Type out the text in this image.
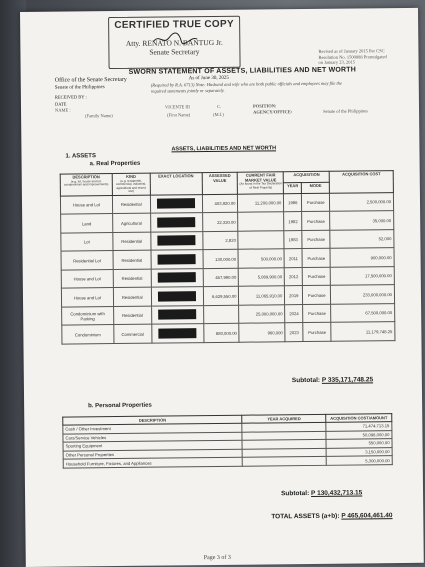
CERTIFIED TRUE COPY
Atty. RENATO N. BANTUG Jr.
Senate Secretary	Revised as of January 2015 Per CSC Resolution No. 1500088 Promulgated on January 23, 2015
SWORN STATEMENT OF ASSETS, LIABILITIES AND NET WORTH
As of June 30, 2025
(Required by R.A. 6713) Note: Husband and wife who are both public officials and employees may file the required statements jointly or separately.
Office of the Senate Secretary
Senate of the Philippines
RECEIVED BY :
DATE
NAME :
(Family Name)
VICENTE III
(First Name)
C.
(M.I.)
POSITION:
AGENCY/OFFICE:	Senate of the Philippines
ASSETS, LIABILITIES AND NET WORTH
1. ASSETS
a. Real Properties
DESCRIPTION
(e.g. lot, house and lot, condominium and improvements)	KIND
(e.g. residential, commercial, industrial, agricultural and mixed use)	EXACT LOCATION	ASSESSED VALUE	CURRENT FAIR MARKET VALUE
(As found in the Tax Declaration of Real Property)	ACQUISITION		ACQUISITION COST
					YEAR	MODE	
House and Lot	Residential		403,920.00	11,200,000.00	1986	Purchase	2,500,000.00
Land	Agricultural		22,320.00		1982	Purchase	35,000.00
Lot	Residential		2,820		1983	Purchase	52,000
Residential Lot	Residential		130,000.00	500,000.00	2011	Purchase	900,000.00
House and Lot	Residential		457,990.00	5,089,900.00	2012	Purchase	17,500,000.00
House and Lot	Residential		6,629,550.00	11,065,910.00	2019	Purchase	233,000,000.00
Condominium with Parking	Residential			25,000,000.00	2024	Purchase	67,500,000.00
Condominium	Commercial		880,000.00	960,000	2023	Purchase	11,179,748.25
Subtotal: P 335,171,748.25
b. Personal Properties
DESCRIPTION	YEAR ACQUIRED	ACQUISITION COST/AMOUNT
Cash / Other Investment		71,474,713.15
Cars/Service Vehicles		50,098,000.00
Sporting Equipment		550,000.00
Other Personal Properties		3,150,000.00
Household Furniture, Fixtures, and Appliances		5,300,000.00
Subtotal: P 130,432,713.15
TOTAL ASSETS (a+b): P 465,604,461.40
Page 3 of 3
